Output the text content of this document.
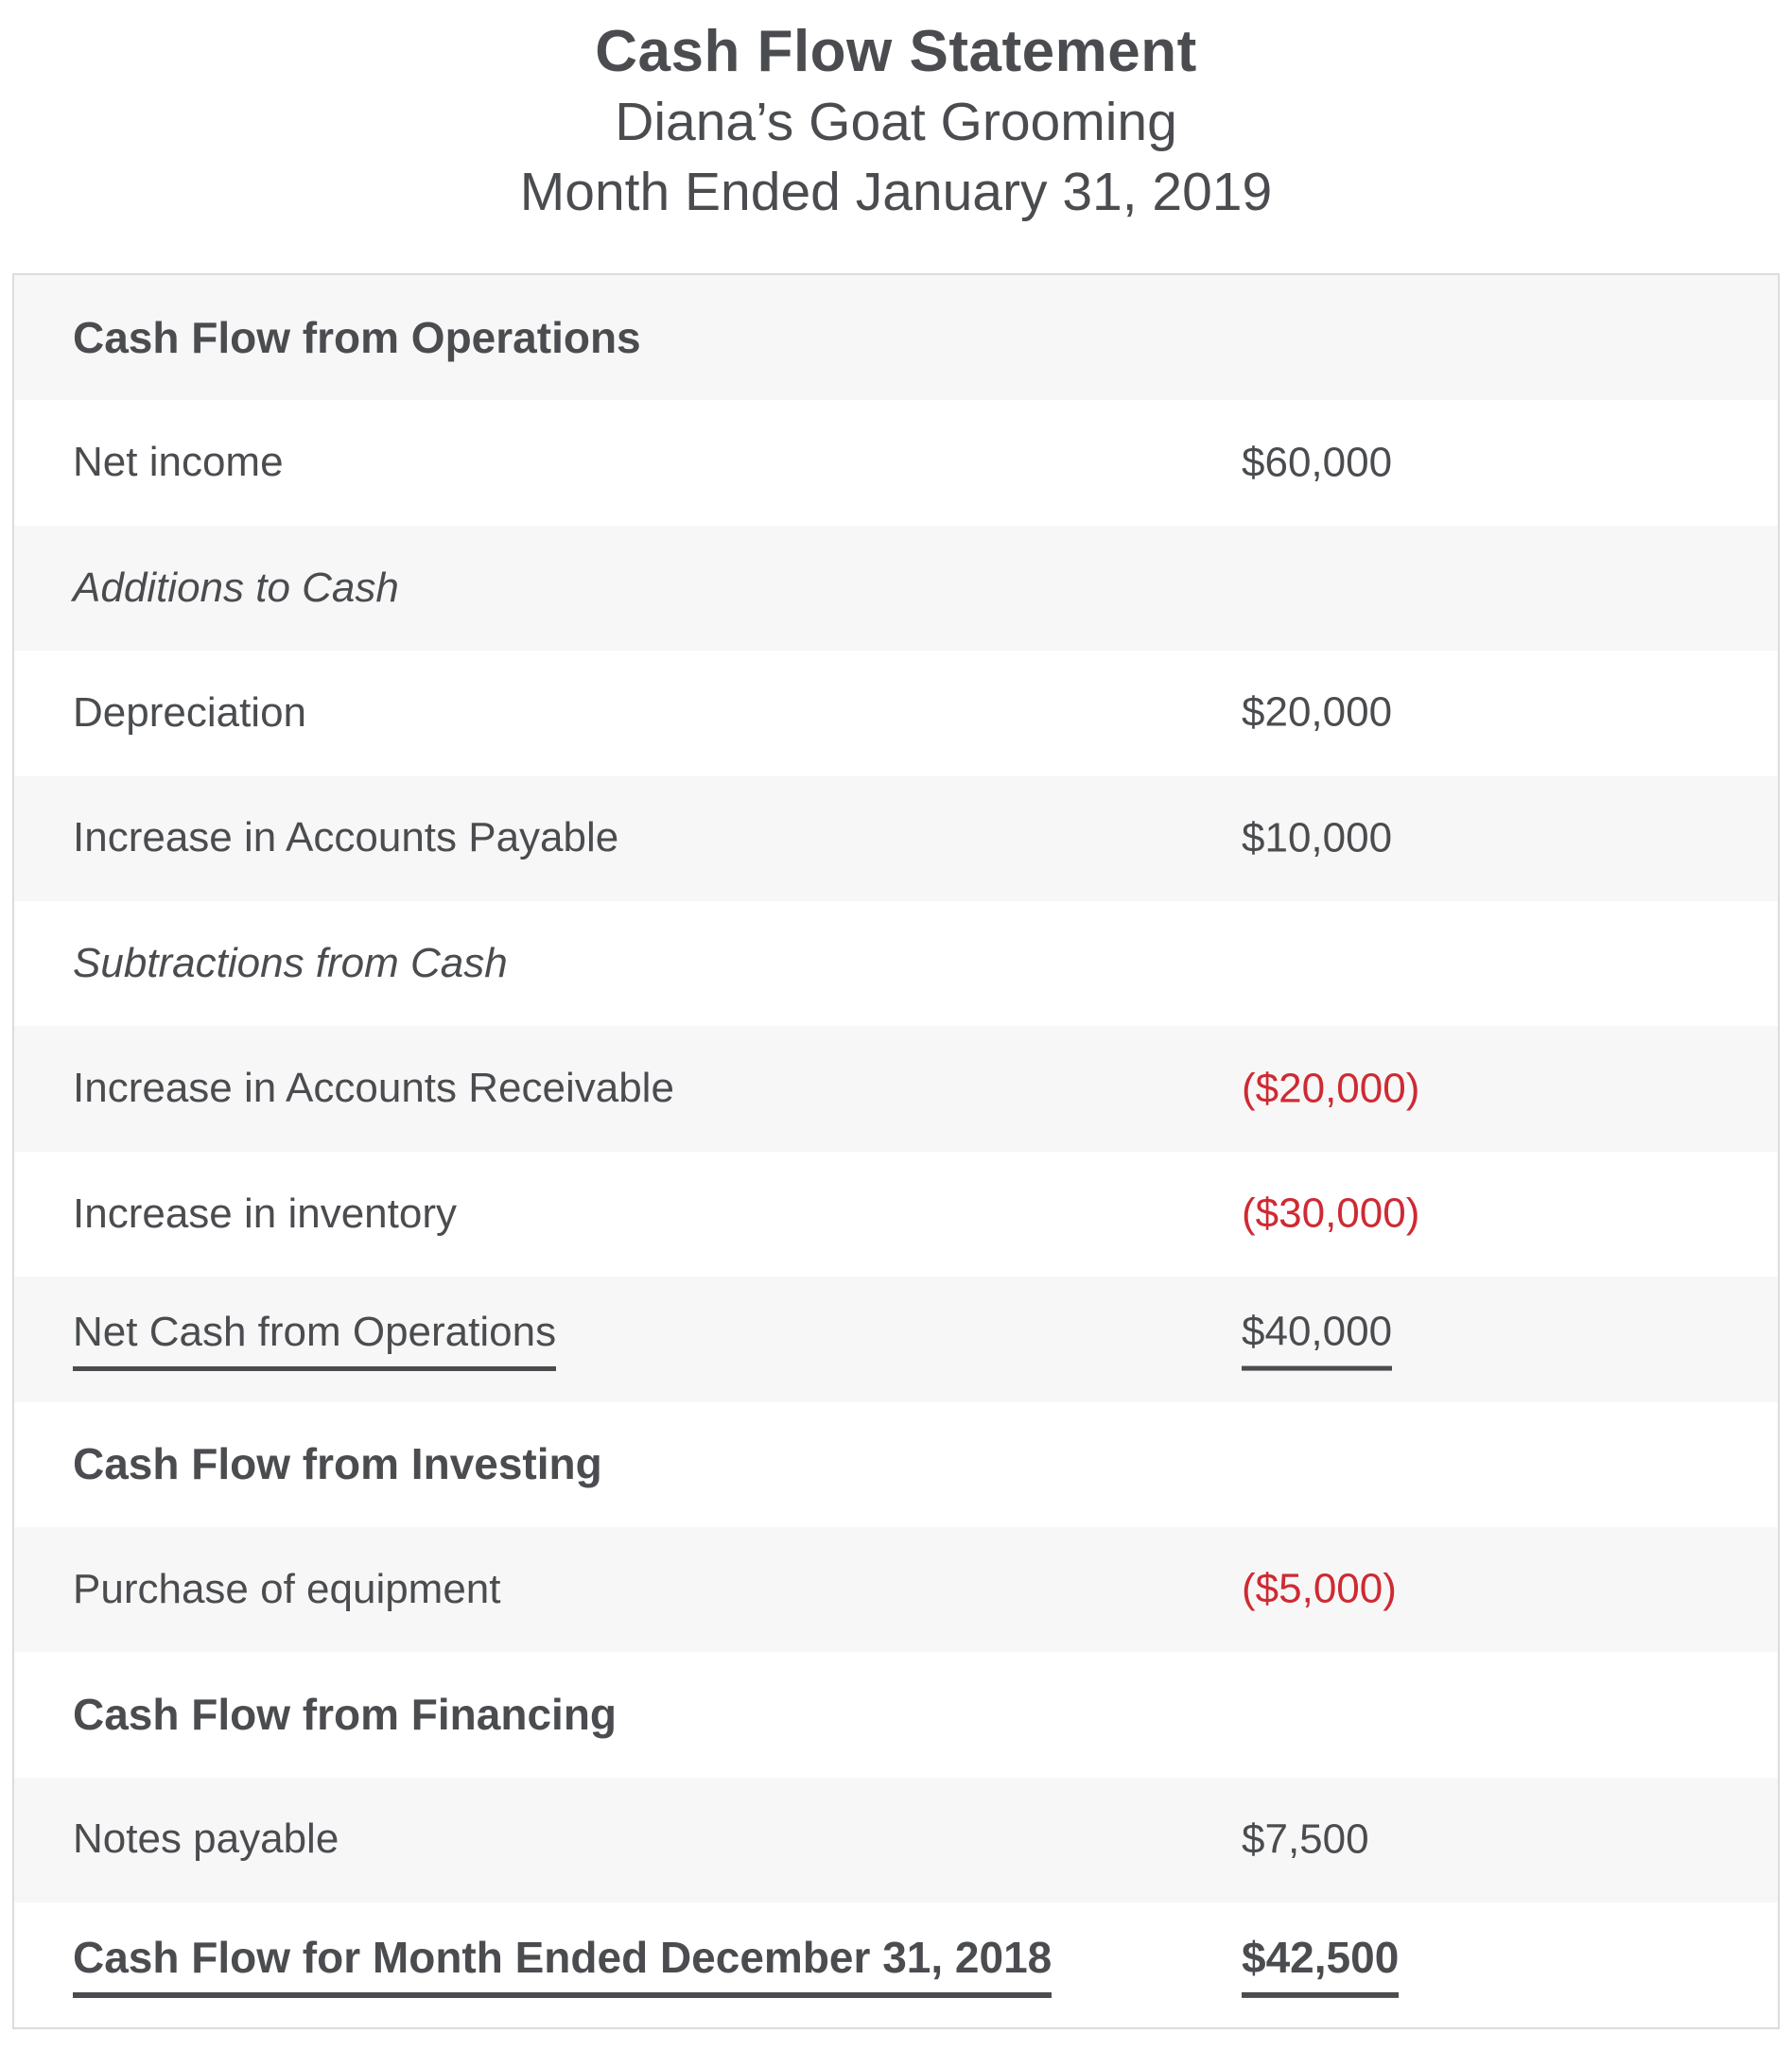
Cash Flow Statement
Diana’s Goat Grooming
Month Ended January 31, 2019
Cash Flow from Operations
Net income	$60,000
Additions to Cash
Depreciation	$20,000
Increase in Accounts Payable	$10,000
Subtractions from Cash
Increase in Accounts Receivable	($20,000)
Increase in inventory	($30,000)
Net Cash from Operations	$40,000
Cash Flow from Investing
Purchase of equipment	($5,000)
Cash Flow from Financing
Notes payable	$7,500
Cash Flow for Month Ended December 31, 2018	$42,500
